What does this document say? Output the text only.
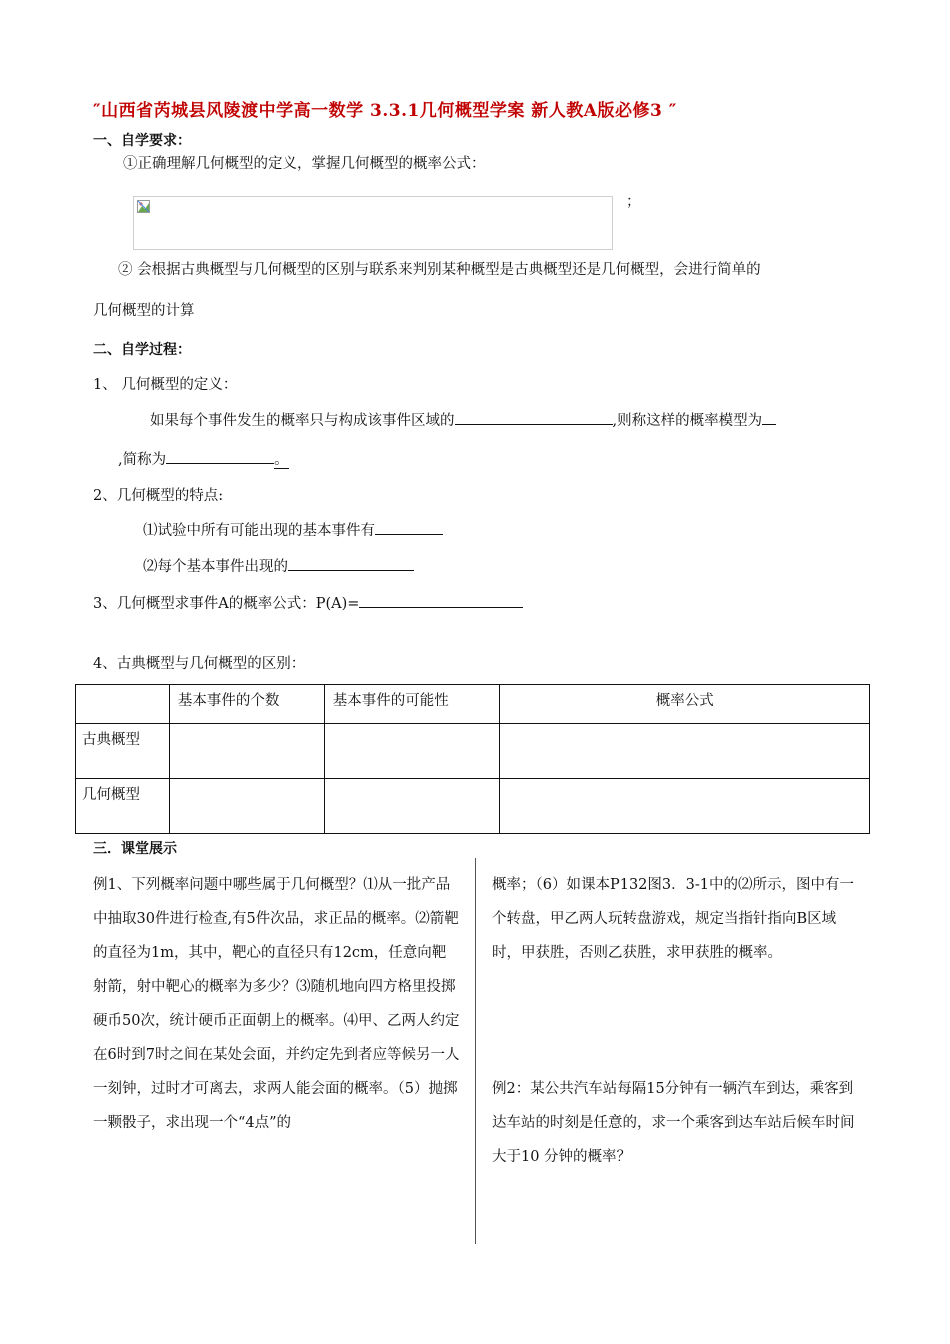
″山西省芮城县风陵渡中学高一数学 3.3.1几何概型学案 新人教A版必修3 ″
一、自学要求：
①正确理解几何概型的定义，掌握几何概型的概率公式：
；
② 会根据古典概型与几何概型的区别与联系来判别某种概型是古典概型还是几何概型，会进行简单的
几何概型的计算
二、自学过程：
1、 几何概型的定义：
如果每个事件发生的概率只与构成该事件区域的	,则称这样的概率模型为
,简称为	。
2、几何概型的特点:
⑴试验中所有可能出现的基本事件有
⑵每个基本事件出现的
3、几何概型求事件A的概率公式：P(A)=
4、古典概型与几何概型的区别：
	基本事件的个数	基本事件的可能性	概率公式
古典概型			
几何概型			
三．课堂展示
例1、下列概率问题中哪些属于几何概型？⑴从一批产品中抽取30件进行检查,有5件次品，求正品的概率。⑵箭靶的直径为1m，其中，靶心的直径只有12cm，任意向靶射箭，射中靶心的概率为多少？⑶随机地向四方格里投掷硬币50次，统计硬币正面朝上的概率。⑷甲、乙两人约定在6时到7时之间在某处会面，并约定先到者应等候另一人一刻钟，过时才可离去，求两人能会面的概率。（5）抛掷一颗骰子，求出现一个“4点”的

概率；（6）如课本P132图3．3-1中的⑵所示，图中有一个转盘，甲乙两人玩转盘游戏，规定当指针指向B区域时，甲获胜，否则乙获胜，求甲获胜的概率。

例2：某公共汽车站每隔15分钟有一辆汽车到达，乘客到达车站的时刻是任意的，求一个乘客到达车站后候车时间大于10 分钟的概率？
